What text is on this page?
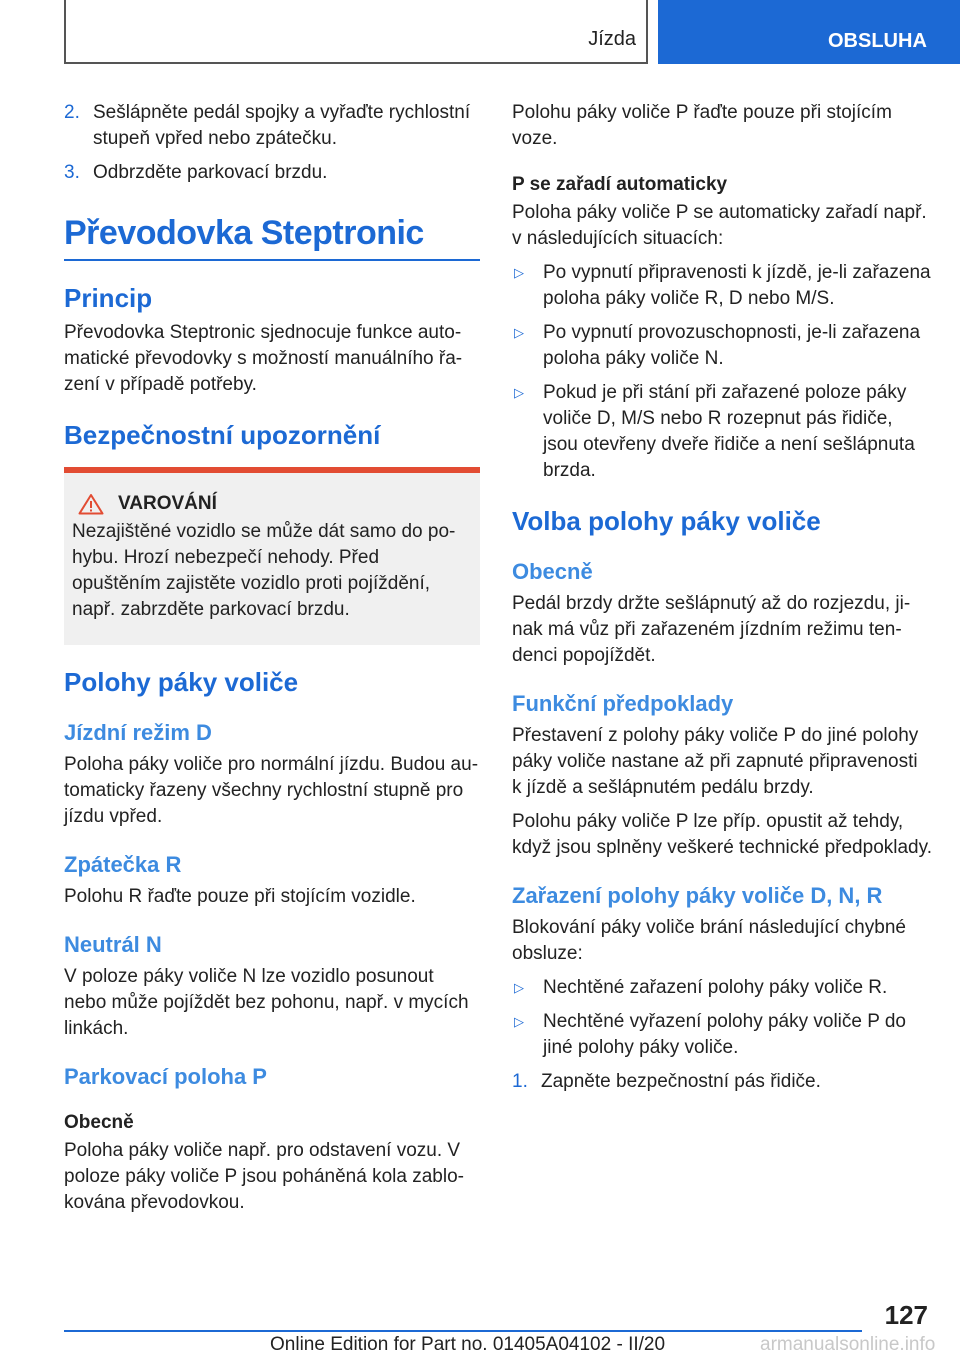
Jízda	OBSLUHA
2. Sešlápněte pedál spojky a vyřaďte rychlostní stupeň vpřed nebo zpátečku.
3. Odbrzděte parkovací brzdu.
Převodovka Steptronic
Princip

Převodovka Steptronic sjednocuje funkce automatické převodovky s možností manuálního řazení v případě potřeby.

Bezpečnostní upozornění
VAROVÁNÍ

Nezajištěné vozidlo se může dát samo do pohybu. Hrozí nebezpečí nehody. Před opuštěním zajistěte vozidlo proti pojíždění, např. zabrzděte parkovací brzdu.

Polohy páky voliče
Jízdní režim D

Poloha páky voliče pro normální jízdu. Budou automaticky řazeny všechny rychlostní stupně pro jízdu vpřed.

Zpátečka R

Polohu R řaďte pouze při stojícím vozidle.

Neutrál N

V poloze páky voliče N lze vozidlo posunout nebo může pojíždět bez pohonu, např. v mycích linkách.

Parkovací poloha P
Obecně

Poloha páky voliče např. pro odstavení vozu. V poloze páky voliče P jsou poháněná kola zablokována převodovkou.

Polohu páky voliče P řaďte pouze při stojícím voze.

P se zařadí automaticky

Poloha páky voliče P se automaticky zařadí např. v následujících situacích:

▷	Po vypnutí připravenosti k jízdě, je-li zařazena poloha páky voliče R, D nebo M/S.
▷	Po vypnutí provozuschopnosti, je-li zařazena poloha páky voliče N.
▷	Pokud je při stání při zařazené poloze páky voliče D, M/S nebo R rozepnut pás řidiče, jsou otevřeny dveře řidiče a není sešlápnuta brzda.
Volba polohy páky voliče
Obecně

Pedál brzdy držte sešlápnutý až do rozjezdu, jinak má vůz při zařazeném jízdním režimu tendenci popojíždět.

Funkční předpoklady

Přestavení z polohy páky voliče P do jiné polohy páky voliče nastane až při zapnuté připravenosti k jízdě a sešlápnutém pedálu brzdy.

Polohu páky voliče P lze příp. opustit až tehdy, když jsou splněny veškeré technické předpoklady.

Zařazení polohy páky voliče D, N, R

Blokování páky voliče brání následující chybné obsluze:

▷	Nechtěné zařazení polohy páky voliče R.
▷	Nechtěné vyřazení polohy páky voliče P do jiné polohy páky voliče.
1. Zapněte bezpečnostní pás řidiče.
127
Online Edition for Part no. 01405A04102 - II/20	armanualsonline.info
